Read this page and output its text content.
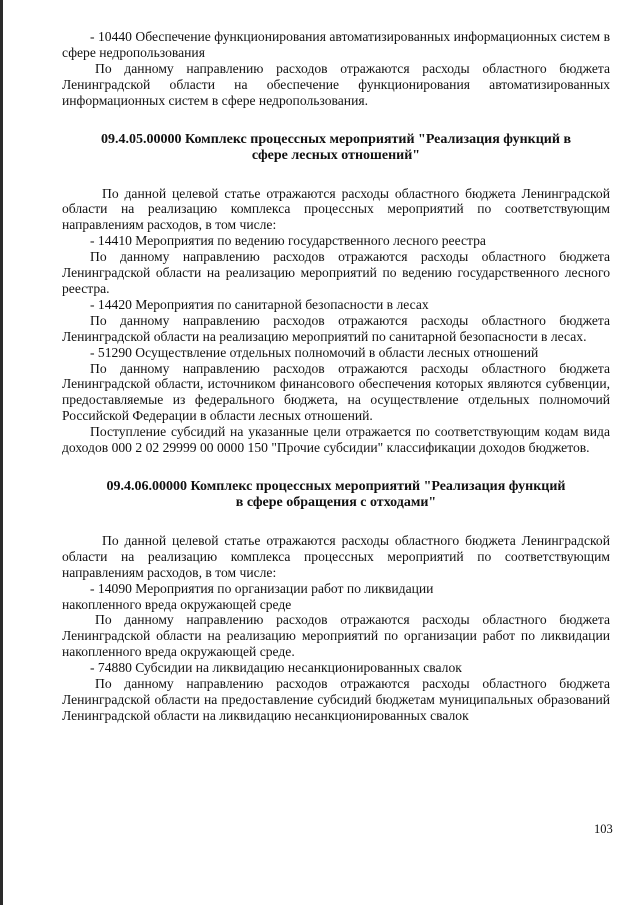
- 10440 Обеспечение функционирования автоматизированных информационных систем в сфере недропользования

По данному направлению расходов отражаются расходы областного бюджета Ленинградской области на обеспечение функционирования автоматизированных информационных систем в сфере недропользования.

09.4.05.00000 Комплекс процессных мероприятий "Реализация функций в
сфере лесных отношений"

По данной целевой статье отражаются расходы областного бюджета Ленинградской области на реализацию комплекса процессных мероприятий по соответствующим направлениям расходов, в том числе:

- 14410 Мероприятия по ведению государственного лесного реестра

По данному направлению расходов отражаются расходы областного бюджета Ленинградской области на реализацию мероприятий по ведению государственного лесного реестра.

- 14420 Мероприятия по санитарной безопасности в лесах

По данному направлению расходов отражаются расходы областного бюджета Ленинградской области на реализацию мероприятий по санитарной безопасности в лесах.

- 51290 Осуществление отдельных полномочий в области лесных отношений

По данному направлению расходов отражаются расходы областного бюджета Ленинградской области, источником финансового обеспечения которых являются субвенции, предоставляемые из федерального бюджета, на осуществление отдельных полномочий Российской Федерации в области лесных отношений.

Поступление субсидий на указанные цели отражается по соответствующим кодам вида доходов 000 2 02 29999 00 0000 150 "Прочие субсидии" классификации доходов бюджетов.

09.4.06.00000 Комплекс процессных мероприятий "Реализация функций
в сфере обращения с отходами"

По данной целевой статье отражаются расходы областного бюджета Ленинградской области на реализацию комплекса процессных мероприятий по соответствующим направлениям расходов, в том числе:

- 14090 Мероприятия по организации работ по ликвидации

накопленного вреда окружающей среде

По данному направлению расходов отражаются расходы областного бюджета Ленинградской области на реализацию мероприятий по организации работ по ликвидации накопленного вреда окружающей среде.

- 74880 Субсидии на ликвидацию несанкционированных свалок

По данному направлению расходов отражаются расходы областного бюджета Ленинградской области на предоставление субсидий бюджетам муниципальных образований Ленинградской области на ликвидацию несанкционированных свалок

103
